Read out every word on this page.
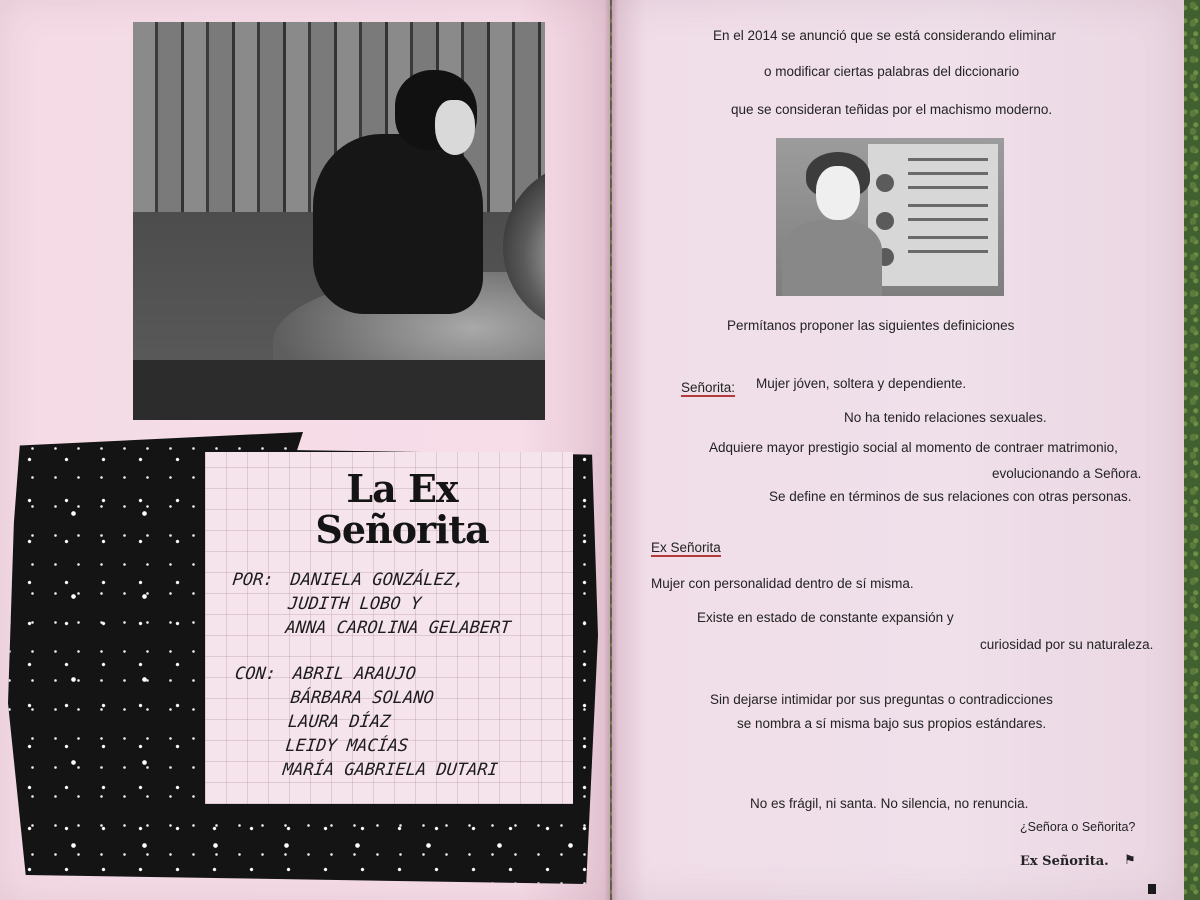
La Ex
Señorita
POR: DANIELA GONZÁLEZ,
JUDITH LOBO Y
ANNA CAROLINA GELABERT
CON: ABRIL ARAUJO
BÁRBARA SOLANO
LAURA DÍAZ
LEIDY MACÍAS
MARÍA GABRIELA DUTARI
En el 2014 se anunció que se está considerando eliminar
o modificar ciertas palabras del diccionario
que se consideran teñidas por el machismo moderno.
Permítanos proponer las siguientes definiciones
Señorita: Mujer jóven, soltera y dependiente.
No ha tenido relaciones sexuales.
Adquiere mayor prestigio social al momento de contraer matrimonio,
evolucionando a Señora.
Se define en términos de sus relaciones con otras personas.
Ex Señorita
Mujer con personalidad dentro de sí misma.
Existe en estado de constante expansión y
curiosidad por su naturaleza.
Sin dejarse intimidar por sus preguntas o contradicciones
se nombra a sí misma bajo sus propios estándares.
No es frágil, ni santa. No silencia, no renuncia.
¿Señora o Señorita?
Ex Señorita. ⚑
